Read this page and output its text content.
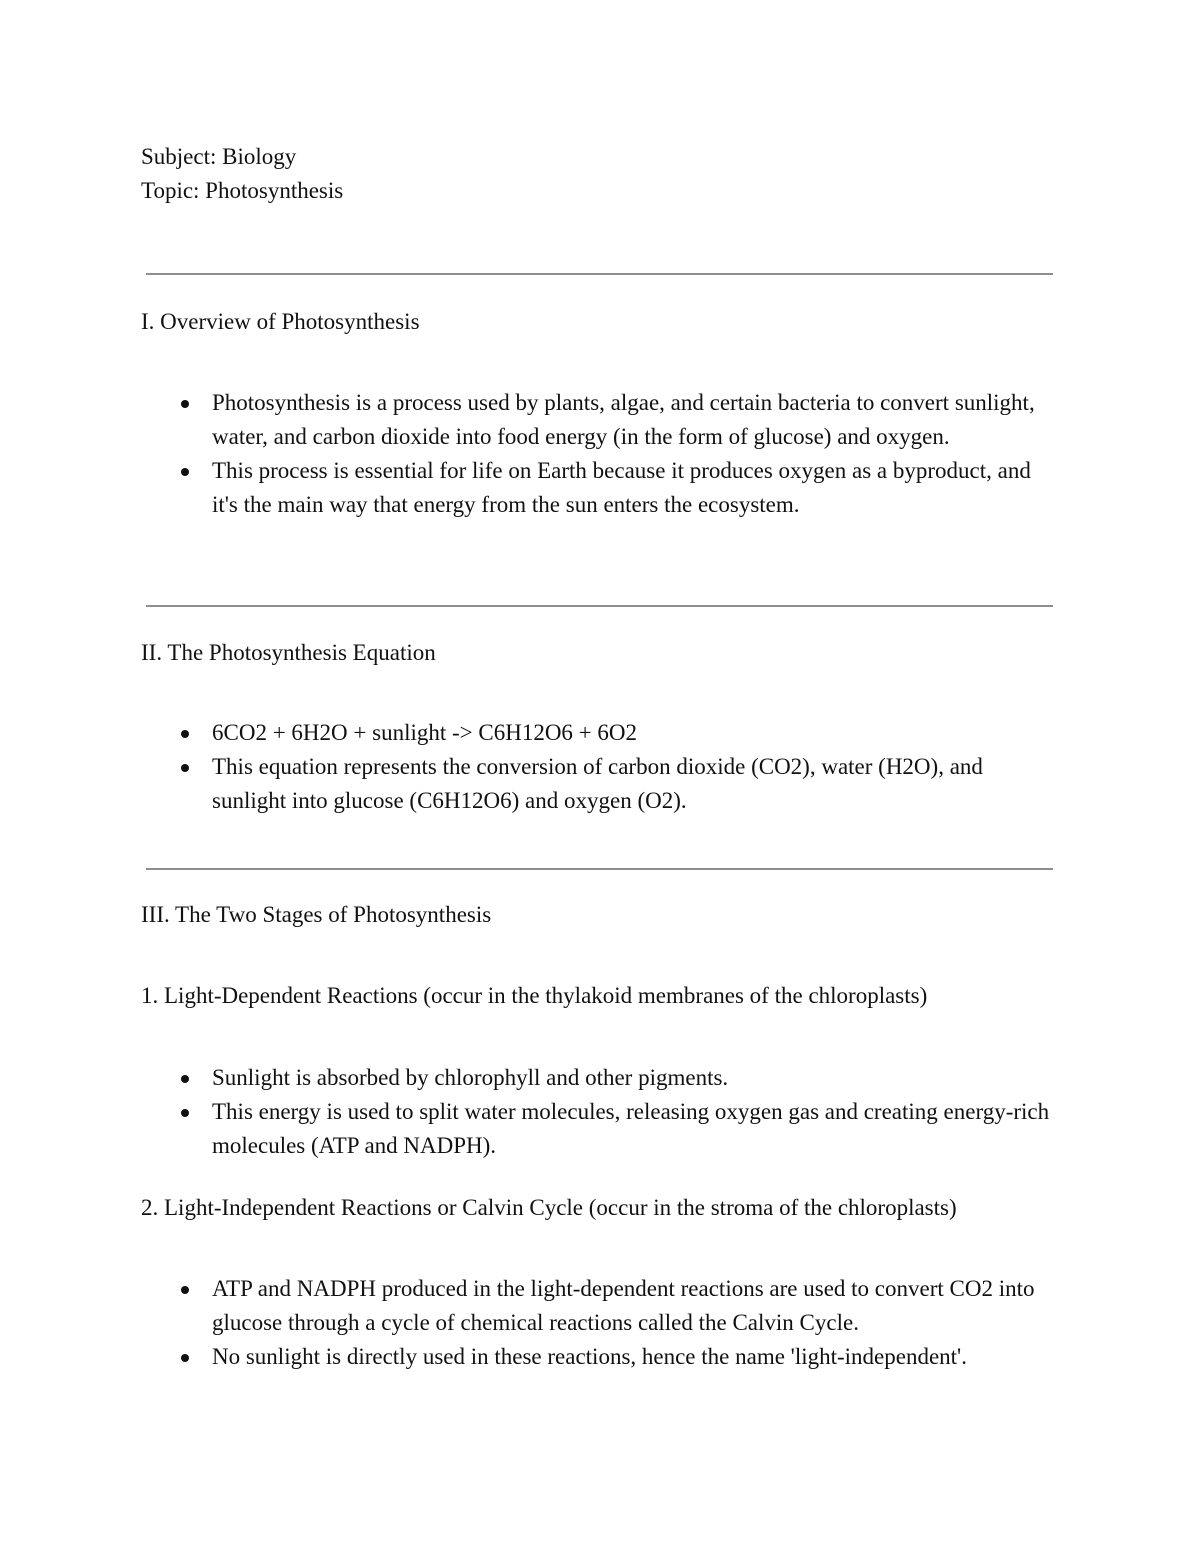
Subject: Biology
Topic: Photosynthesis
I. Overview of Photosynthesis
Photosynthesis is a process used by plants, algae, and certain bacteria to convert sunlight, water, and carbon dioxide into food energy (in the form of glucose) and oxygen.
This process is essential for life on Earth because it produces oxygen as a byproduct, and it's the main way that energy from the sun enters the ecosystem.
II. The Photosynthesis Equation
6CO2 + 6H2O + sunlight -> C6H12O6 + 6O2
This equation represents the conversion of carbon dioxide (CO2), water (H2O), and sunlight into glucose (C6H12O6) and oxygen (O2).
III. The Two Stages of Photosynthesis
1. Light-Dependent Reactions (occur in the thylakoid membranes of the chloroplasts)
Sunlight is absorbed by chlorophyll and other pigments.
This energy is used to split water molecules, releasing oxygen gas and creating energy-rich molecules (ATP and NADPH).
2. Light-Independent Reactions or Calvin Cycle (occur in the stroma of the chloroplasts)
ATP and NADPH produced in the light-dependent reactions are used to convert CO2 into glucose through a cycle of chemical reactions called the Calvin Cycle.
No sunlight is directly used in these reactions, hence the name 'light-independent'.
